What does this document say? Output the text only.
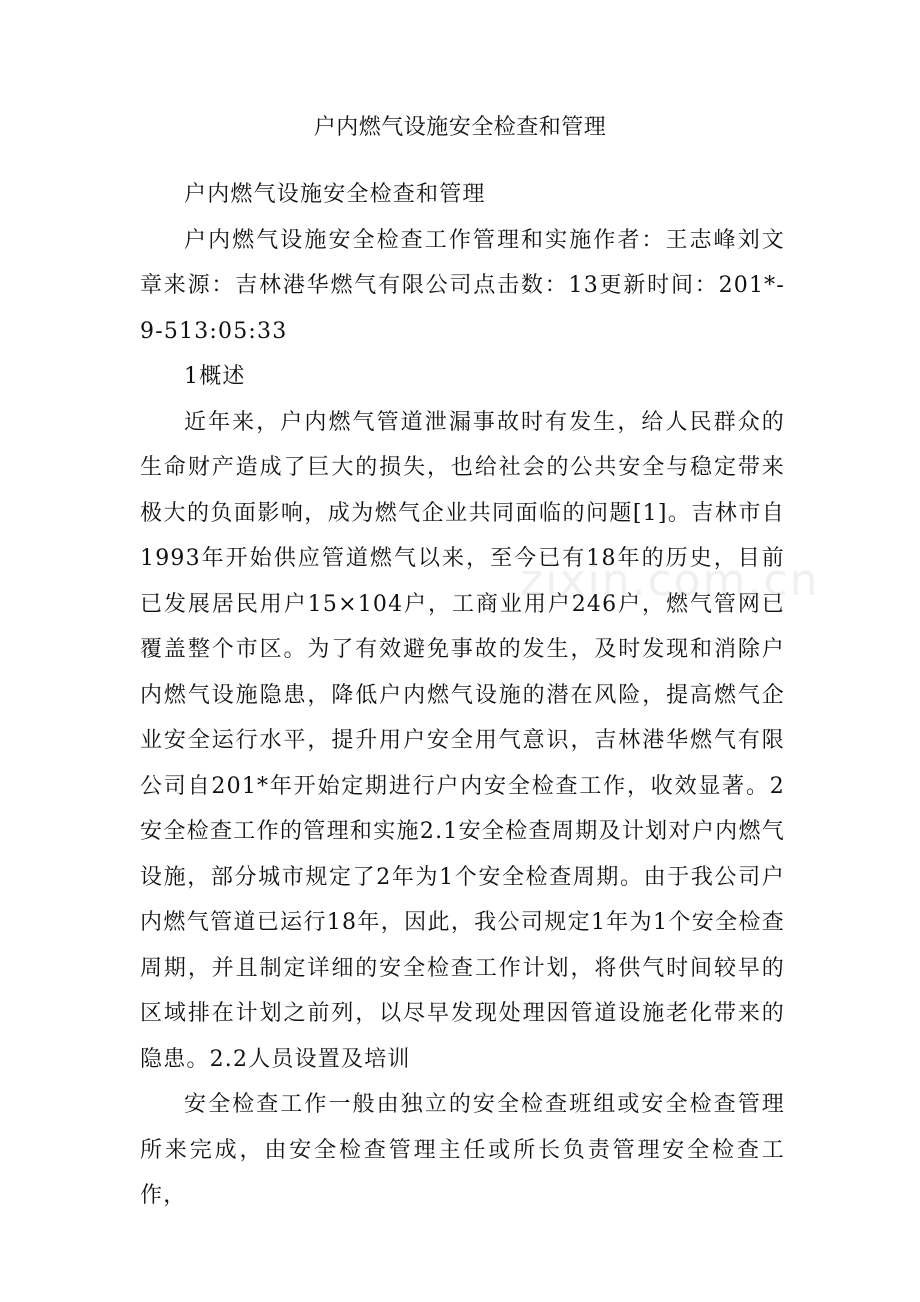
户内燃气设施安全检查和管理

户内燃气设施安全检查和管理

户内燃气设施安全检查工作管理和实施作者：王志峰刘文章来源：吉林港华燃气有限公司点击数：13更新时间：201*-9-513:05:33

1概述

近年来，户内燃气管道泄漏事故时有发生，给人民群众的生命财产造成了巨大的损失，也给社会的公共安全与稳定带来极大的负面影响，成为燃气企业共同面临的问题[1]。吉林市自1993年开始供应管道燃气以来，至今已有18年的历史，目前已发展居民用户15×104户，工商业用户246户，燃气管网已覆盖整个市区。为了有效避免事故的发生，及时发现和消除户内燃气设施隐患，降低户内燃气设施的潜在风险，提高燃气企业安全运行水平，提升用户安全用气意识，吉林港华燃气有限公司自201*年开始定期进行户内安全检查工作，收效显著。2安全检查工作的管理和实施2.1安全检查周期及计划对户内燃气设施，部分城市规定了2年为1个安全检查周期。由于我公司户内燃气管道已运行18年，因此，我公司规定1年为1个安全检查周期，并且制定详细的安全检查工作计划，将供气时间较早的区域排在计划之前列，以尽早发现处理因管道设施老化带来的隐患。2.2人员设置及培训

安全检查工作一般由独立的安全检查班组或安全检查管理所来完成，由安全检查管理主任或所长负责管理安全检查工作，

zixin.com.cn
